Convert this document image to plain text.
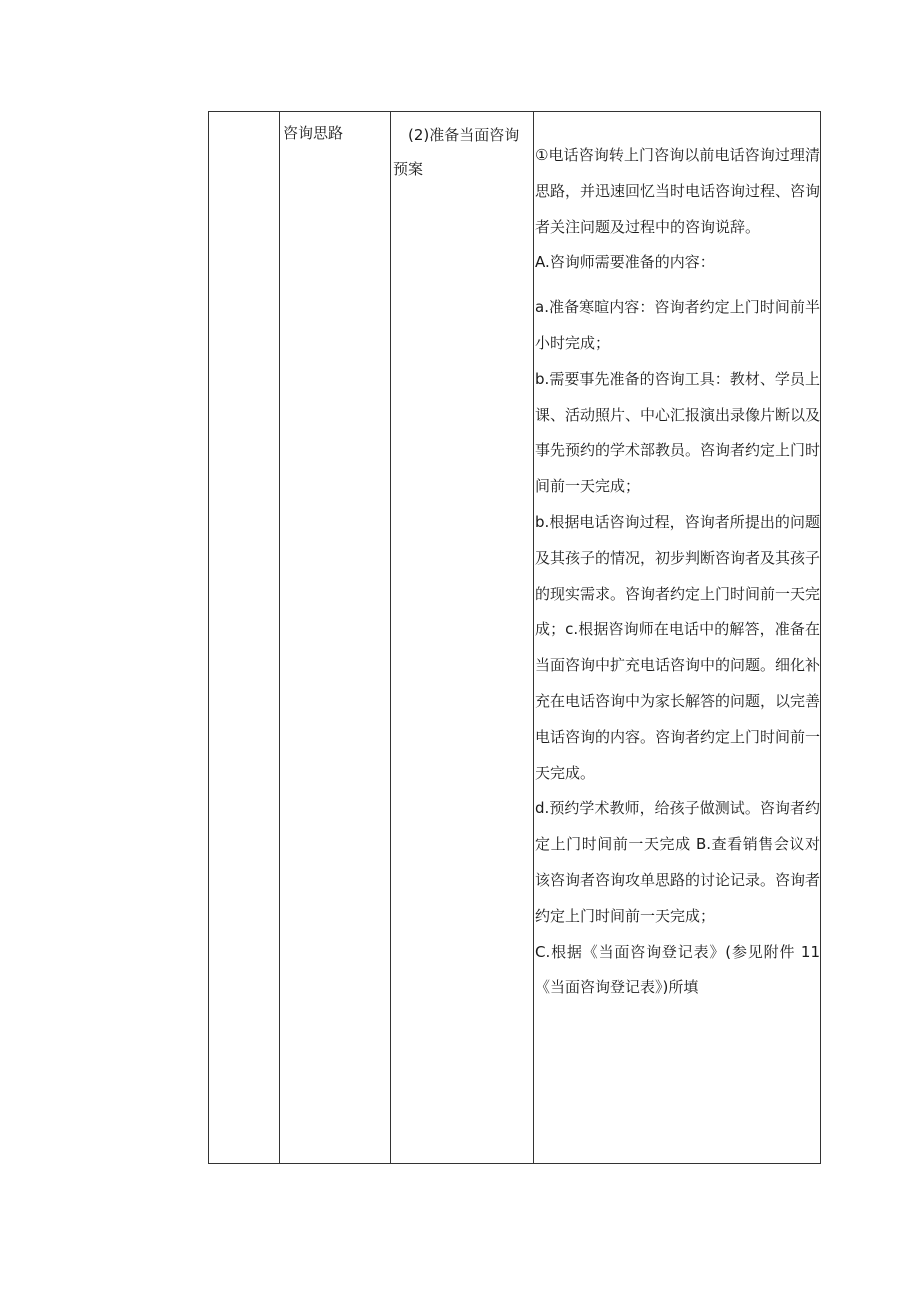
咨询思路	(2)准备当面咨询预案

①电话咨询转上门咨询以前电话咨询过理清思路，并迅速回忆当时电话咨询过程、咨询者关注问题及过程中的咨询说辞。

A.咨询师需要准备的内容：

a.准备寒暄内容：咨询者约定上门时间前半小时完成；

b.需要事先准备的咨询工具：教材、学员上课、活动照片、中心汇报演出录像片断以及事先预约的学术部教员。咨询者约定上门时间前一天完成；

b.根据电话咨询过程，咨询者所提出的问题及其孩子的情况，初步判断咨询者及其孩子的现实需求。咨询者约定上门时间前一天完成；c.根据咨询师在电话中的解答，准备在当面咨询中扩充电话咨询中的问题。细化补充在电话咨询中为家长解答的问题，以完善电话咨询的内容。咨询者约定上门时间前一天完成。

d.预约学术教师，给孩子做测试。咨询者约定上门时间前一天完成 B.查看销售会议对该咨询者咨询攻单思路的讨论记录。咨询者约定上门时间前一天完成；

C.根据《当面咨询登记表》(参见附件 11《当面咨询登记表》)所填
